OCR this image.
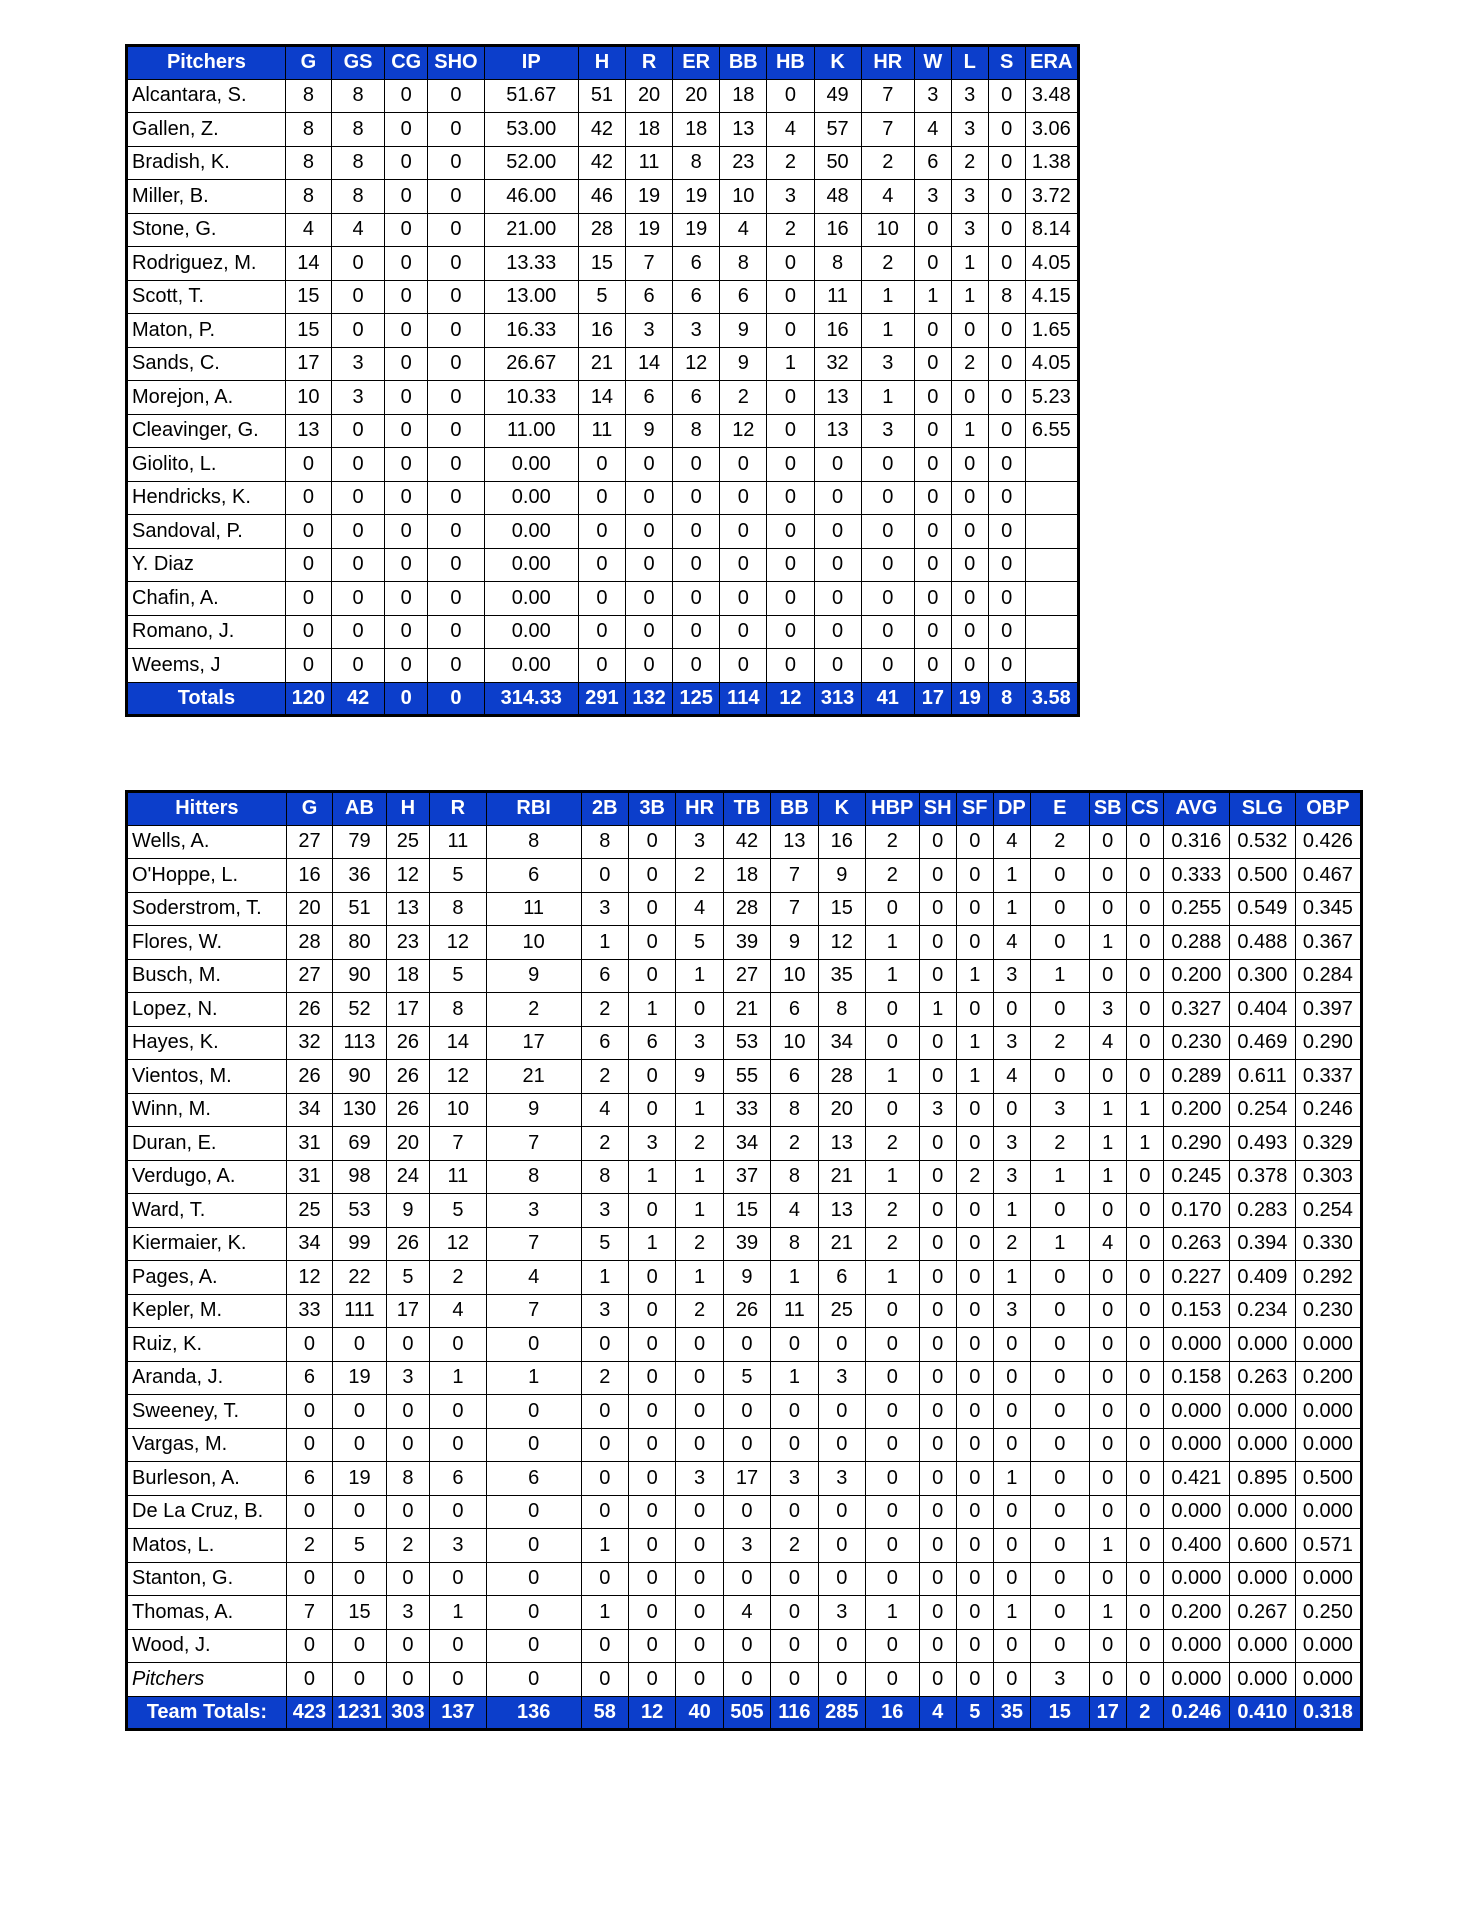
Pitchers	G	GS	CG	SHO	IP	H	R	ER	BB	HB	K	HR	W	L	S	ERA
Alcantara, S.	8	8	0	0	51.67	51	20	20	18	0	49	7	3	3	0	3.48
Gallen, Z.	8	8	0	0	53.00	42	18	18	13	4	57	7	4	3	0	3.06
Bradish, K.	8	8	0	0	52.00	42	11	8	23	2	50	2	6	2	0	1.38
Miller, B.	8	8	0	0	46.00	46	19	19	10	3	48	4	3	3	0	3.72
Stone, G.	4	4	0	0	21.00	28	19	19	4	2	16	10	0	3	0	8.14
Rodriguez, M.	14	0	0	0	13.33	15	7	6	8	0	8	2	0	1	0	4.05
Scott, T.	15	0	0	0	13.00	5	6	6	6	0	11	1	1	1	8	4.15
Maton, P.	15	0	0	0	16.33	16	3	3	9	0	16	1	0	0	0	1.65
Sands, C.	17	3	0	0	26.67	21	14	12	9	1	32	3	0	2	0	4.05
Morejon, A.	10	3	0	0	10.33	14	6	6	2	0	13	1	0	0	0	5.23
Cleavinger, G.	13	0	0	0	11.00	11	9	8	12	0	13	3	0	1	0	6.55
Giolito, L.	0	0	0	0	0.00	0	0	0	0	0	0	0	0	0	0	
Hendricks, K.	0	0	0	0	0.00	0	0	0	0	0	0	0	0	0	0	
Sandoval, P.	0	0	0	0	0.00	0	0	0	0	0	0	0	0	0	0	
Y. Diaz	0	0	0	0	0.00	0	0	0	0	0	0	0	0	0	0	
Chafin, A.	0	0	0	0	0.00	0	0	0	0	0	0	0	0	0	0	
Romano, J.	0	0	0	0	0.00	0	0	0	0	0	0	0	0	0	0	
Weems, J	0	0	0	0	0.00	0	0	0	0	0	0	0	0	0	0	
Totals	120	42	0	0	314.33	291	132	125	114	12	313	41	17	19	8	3.58
Hitters	G	AB	H	R	RBI	2B	3B	HR	TB	BB	K	HBP	SH	SF	DP	E	SB	CS	AVG	SLG	OBP
Wells, A.	27	79	25	11	8	8	0	3	42	13	16	2	0	0	4	2	0	0	0.316	0.532	0.426
O'Hoppe, L.	16	36	12	5	6	0	0	2	18	7	9	2	0	0	1	0	0	0	0.333	0.500	0.467
Soderstrom, T.	20	51	13	8	11	3	0	4	28	7	15	0	0	0	1	0	0	0	0.255	0.549	0.345
Flores, W.	28	80	23	12	10	1	0	5	39	9	12	1	0	0	4	0	1	0	0.288	0.488	0.367
Busch, M.	27	90	18	5	9	6	0	1	27	10	35	1	0	1	3	1	0	0	0.200	0.300	0.284
Lopez, N.	26	52	17	8	2	2	1	0	21	6	8	0	1	0	0	0	3	0	0.327	0.404	0.397
Hayes, K.	32	113	26	14	17	6	6	3	53	10	34	0	0	1	3	2	4	0	0.230	0.469	0.290
Vientos, M.	26	90	26	12	21	2	0	9	55	6	28	1	0	1	4	0	0	0	0.289	0.611	0.337
Winn, M.	34	130	26	10	9	4	0	1	33	8	20	0	3	0	0	3	1	1	0.200	0.254	0.246
Duran, E.	31	69	20	7	7	2	3	2	34	2	13	2	0	0	3	2	1	1	0.290	0.493	0.329
Verdugo, A.	31	98	24	11	8	8	1	1	37	8	21	1	0	2	3	1	1	0	0.245	0.378	0.303
Ward, T.	25	53	9	5	3	3	0	1	15	4	13	2	0	0	1	0	0	0	0.170	0.283	0.254
Kiermaier, K.	34	99	26	12	7	5	1	2	39	8	21	2	0	0	2	1	4	0	0.263	0.394	0.330
Pages, A.	12	22	5	2	4	1	0	1	9	1	6	1	0	0	1	0	0	0	0.227	0.409	0.292
Kepler, M.	33	111	17	4	7	3	0	2	26	11	25	0	0	0	3	0	0	0	0.153	0.234	0.230
Ruiz, K.	0	0	0	0	0	0	0	0	0	0	0	0	0	0	0	0	0	0	0.000	0.000	0.000
Aranda, J.	6	19	3	1	1	2	0	0	5	1	3	0	0	0	0	0	0	0	0.158	0.263	0.200
Sweeney, T.	0	0	0	0	0	0	0	0	0	0	0	0	0	0	0	0	0	0	0.000	0.000	0.000
Vargas, M.	0	0	0	0	0	0	0	0	0	0	0	0	0	0	0	0	0	0	0.000	0.000	0.000
Burleson, A.	6	19	8	6	6	0	0	3	17	3	3	0	0	0	1	0	0	0	0.421	0.895	0.500
De La Cruz, B.	0	0	0	0	0	0	0	0	0	0	0	0	0	0	0	0	0	0	0.000	0.000	0.000
Matos, L.	2	5	2	3	0	1	0	0	3	2	0	0	0	0	0	0	1	0	0.400	0.600	0.571
Stanton, G.	0	0	0	0	0	0	0	0	0	0	0	0	0	0	0	0	0	0	0.000	0.000	0.000
Thomas, A.	7	15	3	1	0	1	0	0	4	0	3	1	0	0	1	0	1	0	0.200	0.267	0.250
Wood, J.	0	0	0	0	0	0	0	0	0	0	0	0	0	0	0	0	0	0	0.000	0.000	0.000
Pitchers	0	0	0	0	0	0	0	0	0	0	0	0	0	0	0	3	0	0	0.000	0.000	0.000
Team Totals:	423	1231	303	137	136	58	12	40	505	116	285	16	4	5	35	15	17	2	0.246	0.410	0.318
